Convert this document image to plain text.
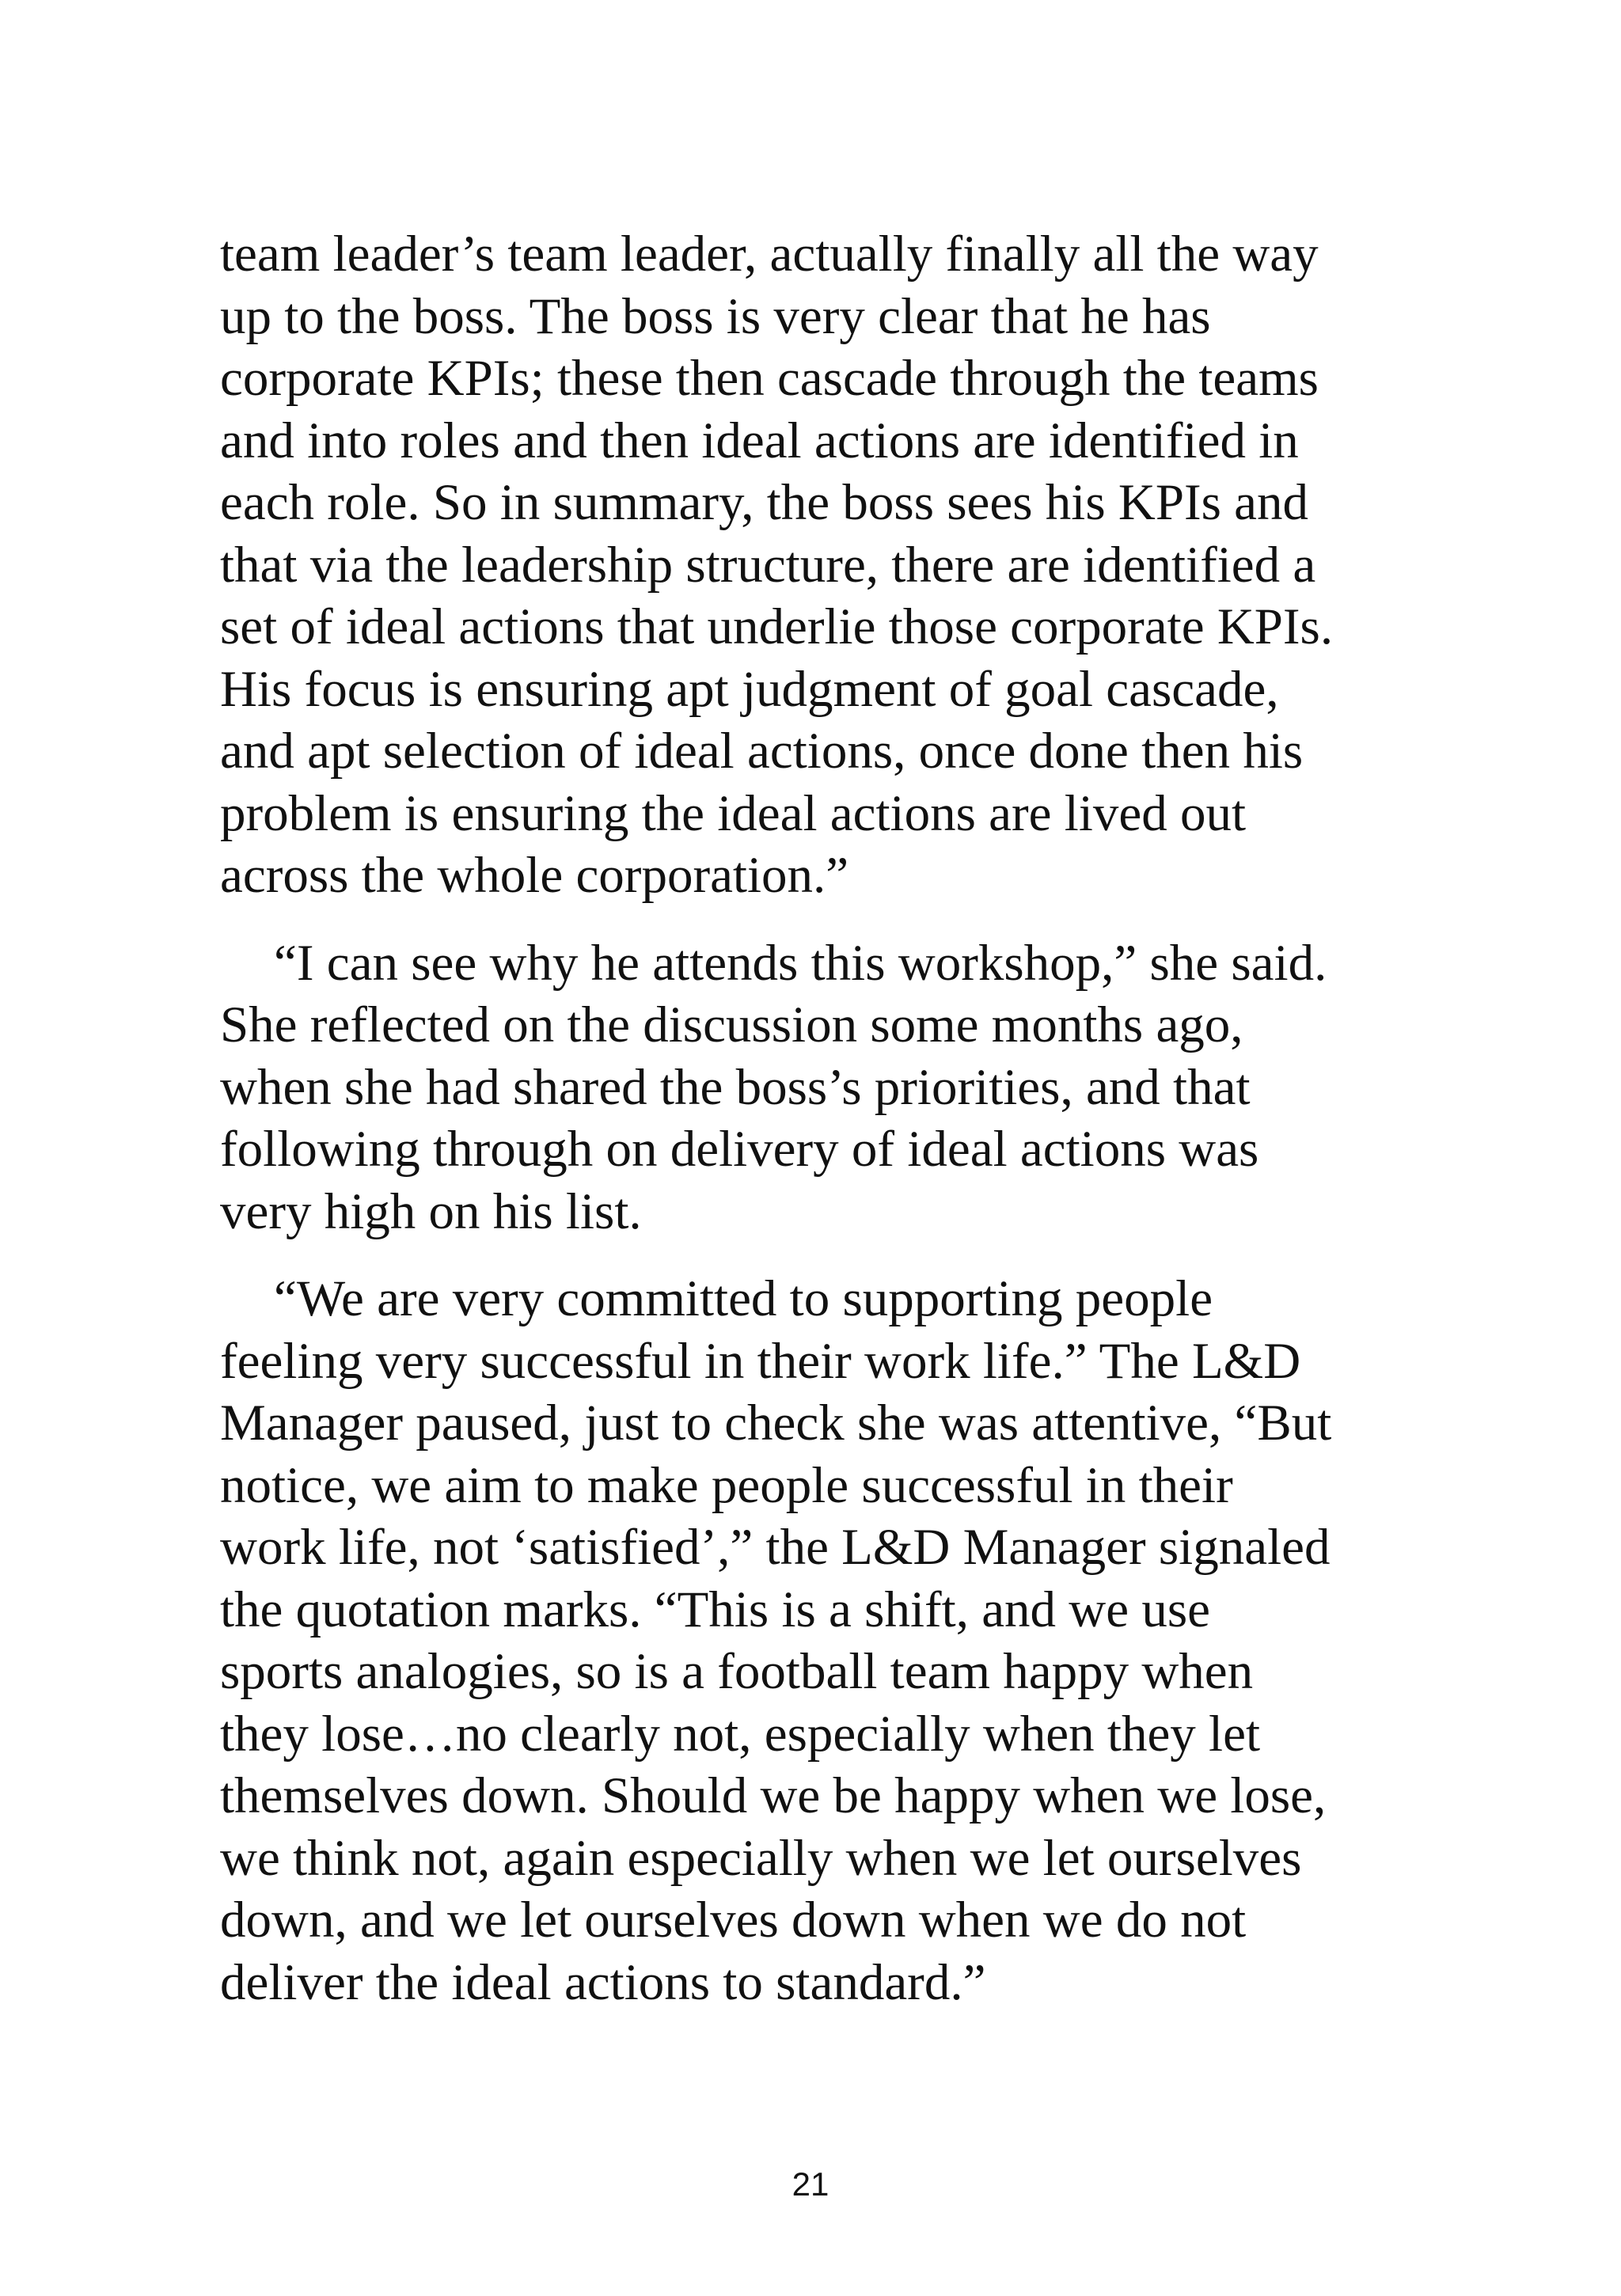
team leader’s team leader, actually finally all the way
up to the boss. The boss is very clear that he has
corporate KPIs; these then cascade through the teams
and into roles and then ideal actions are identified in
each role. So in summary, the boss sees his KPIs and
that via the leadership structure, there are identified a
set of ideal actions that underlie those corporate KPIs.
His focus is ensuring apt judgment of goal cascade,
and apt selection of ideal actions, once done then his
problem is ensuring the ideal actions are lived out
across the whole corporation.”

“I can see why he attends this workshop,” she said.
She reflected on the discussion some months ago,
when she had shared the boss’s priorities, and that
following through on delivery of ideal actions was
very high on his list.

“We are very committed to supporting people
feeling very successful in their work life.” The L&D
Manager paused, just to check she was attentive, “But
notice, we aim to make people successful in their
work life, not ‘satisfied’,” the L&D Manager signaled
the quotation marks. “This is a shift, and we use
sports analogies, so is a football team happy when
they lose…no clearly not, especially when they let
themselves down. Should we be happy when we lose,
we think not, again especially when we let ourselves
down, and we let ourselves down when we do not
deliver the ideal actions to standard.”

21
